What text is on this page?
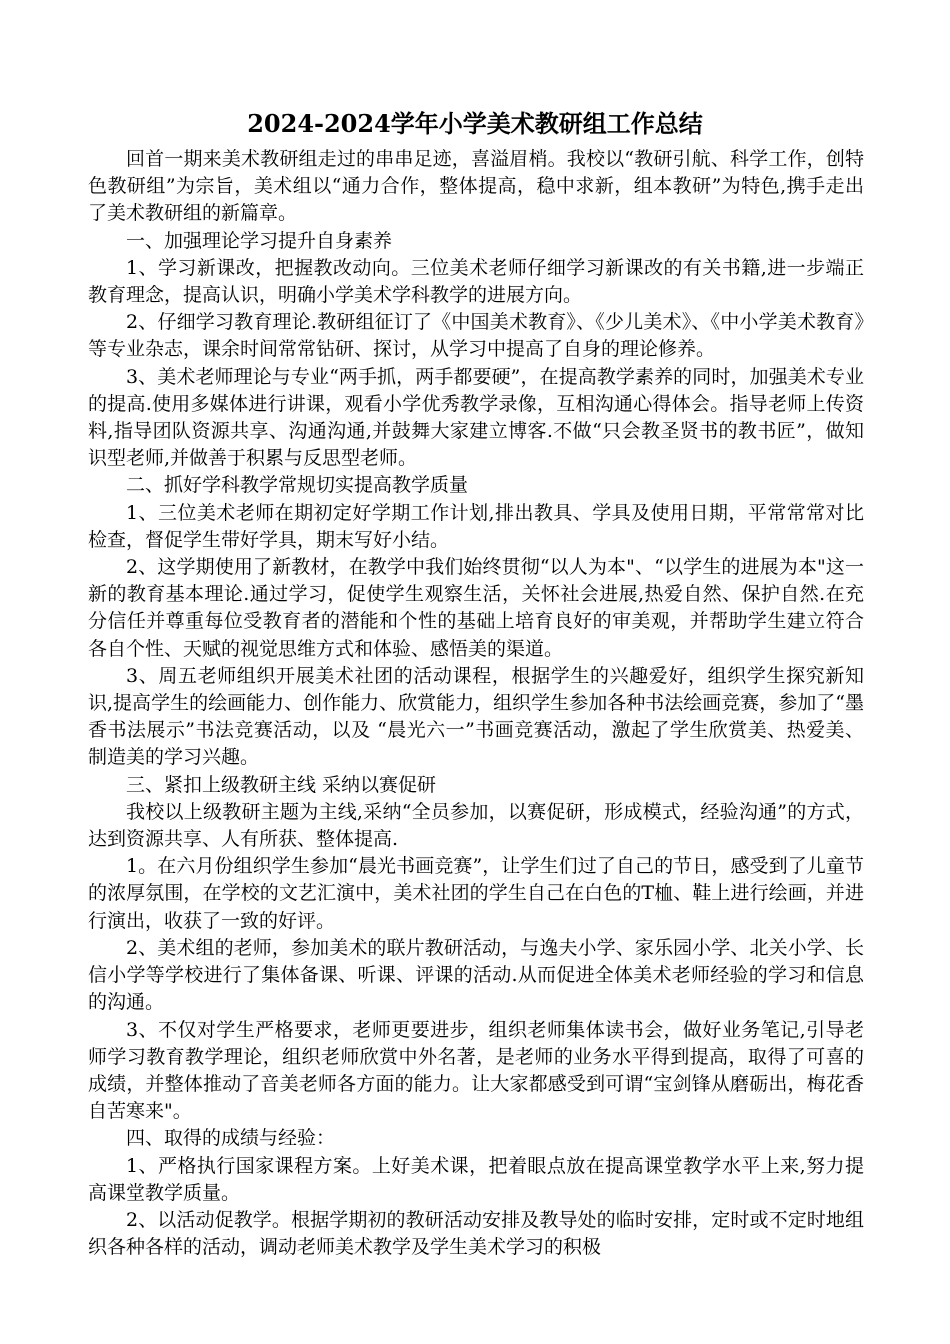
2024-2024学年小学美术教研组工作总结

回首一期来美术教研组走过的串串足迹，喜溢眉梢。我校以“教研引航、科学工作，创特色教研组”为宗旨，美术组以“通力合作，整体提高，稳中求新，组本教研”为特色,携手走出了美术教研组的新篇章。

一、加强理论学习提升自身素养

1、学习新课改，把握教改动向。三位美术老师仔细学习新课改的有关书籍,进一步端正教育理念，提高认识，明确小学美术学科教学的进展方向。

2、仔细学习教育理论.教研组征订了《中国美术教育》、《少儿美术》、《中小学美术教育》等专业杂志，课余时间常常钻研、探讨，从学习中提高了自身的理论修养。

3、美术老师理论与专业“两手抓，两手都要硬”，在提高教学素养的同时，加强美术专业的提高.使用多媒体进行讲课，观看小学优秀教学录像，互相沟通心得体会。指导老师上传资料,指导团队资源共享、沟通沟通,并鼓舞大家建立博客.不做“只会教圣贤书的教书匠”，做知识型老师,并做善于积累与反思型老师。

二、抓好学科教学常规切实提高教学质量

1、三位美术老师在期初定好学期工作计划,排出教具、学具及使用日期，平常常常对比检查，督促学生带好学具，期末写好小结。

2、这学期使用了新教材，在教学中我们始终贯彻“以人为本"、“以学生的进展为本"这一新的教育基本理论.通过学习，促使学生观察生活，关怀社会进展,热爱自然、保护自然.在充分信任并尊重每位受教育者的潜能和个性的基础上培育良好的审美观，并帮助学生建立符合各自个性、天赋的视觉思维方式和体验、感悟美的渠道。

3、周五老师组织开展美术社团的活动课程，根据学生的兴趣爱好，组织学生探究新知识,提高学生的绘画能力、创作能力、欣赏能力，组织学生参加各种书法绘画竞赛，参加了“墨香书法展示”书法竞赛活动，以及 “晨光六一”书画竞赛活动，激起了学生欣赏美、热爱美、制造美的学习兴趣。

三、紧扣上级教研主线 采纳以赛促研

我校以上级教研主题为主线,采纳“全员参加，以赛促研，形成模式，经验沟通”的方式，达到资源共享、人有所获、整体提高.

1。在六月份组织学生参加“晨光书画竞赛”，让学生们过了自己的节日，感受到了儿童节的浓厚氛围，在学校的文艺汇演中，美术社团的学生自己在白色的T桖、鞋上进行绘画，并进行演出，收获了一致的好评。

2、美术组的老师，参加美术的联片教研活动，与逸夫小学、家乐园小学、北关小学、长信小学等学校进行了集体备课、听课、评课的活动.从而促进全体美术老师经验的学习和信息的沟通。

3、不仅对学生严格要求，老师更要进步，组织老师集体读书会，做好业务笔记,引导老师学习教育教学理论，组织老师欣赏中外名著，是老师的业务水平得到提高，取得了可喜的成绩，并整体推动了音美老师各方面的能力。让大家都感受到可谓“宝剑锋从磨砺出，梅花香自苦寒来"。

四、取得的成绩与经验：

1、严格执行国家课程方案。上好美术课，把着眼点放在提高课堂教学水平上来,努力提高课堂教学质量。

2、以活动促教学。根据学期初的教研活动安排及教导处的临时安排，定时或不定时地组织各种各样的活动，调动老师美术教学及学生美术学习的积极
